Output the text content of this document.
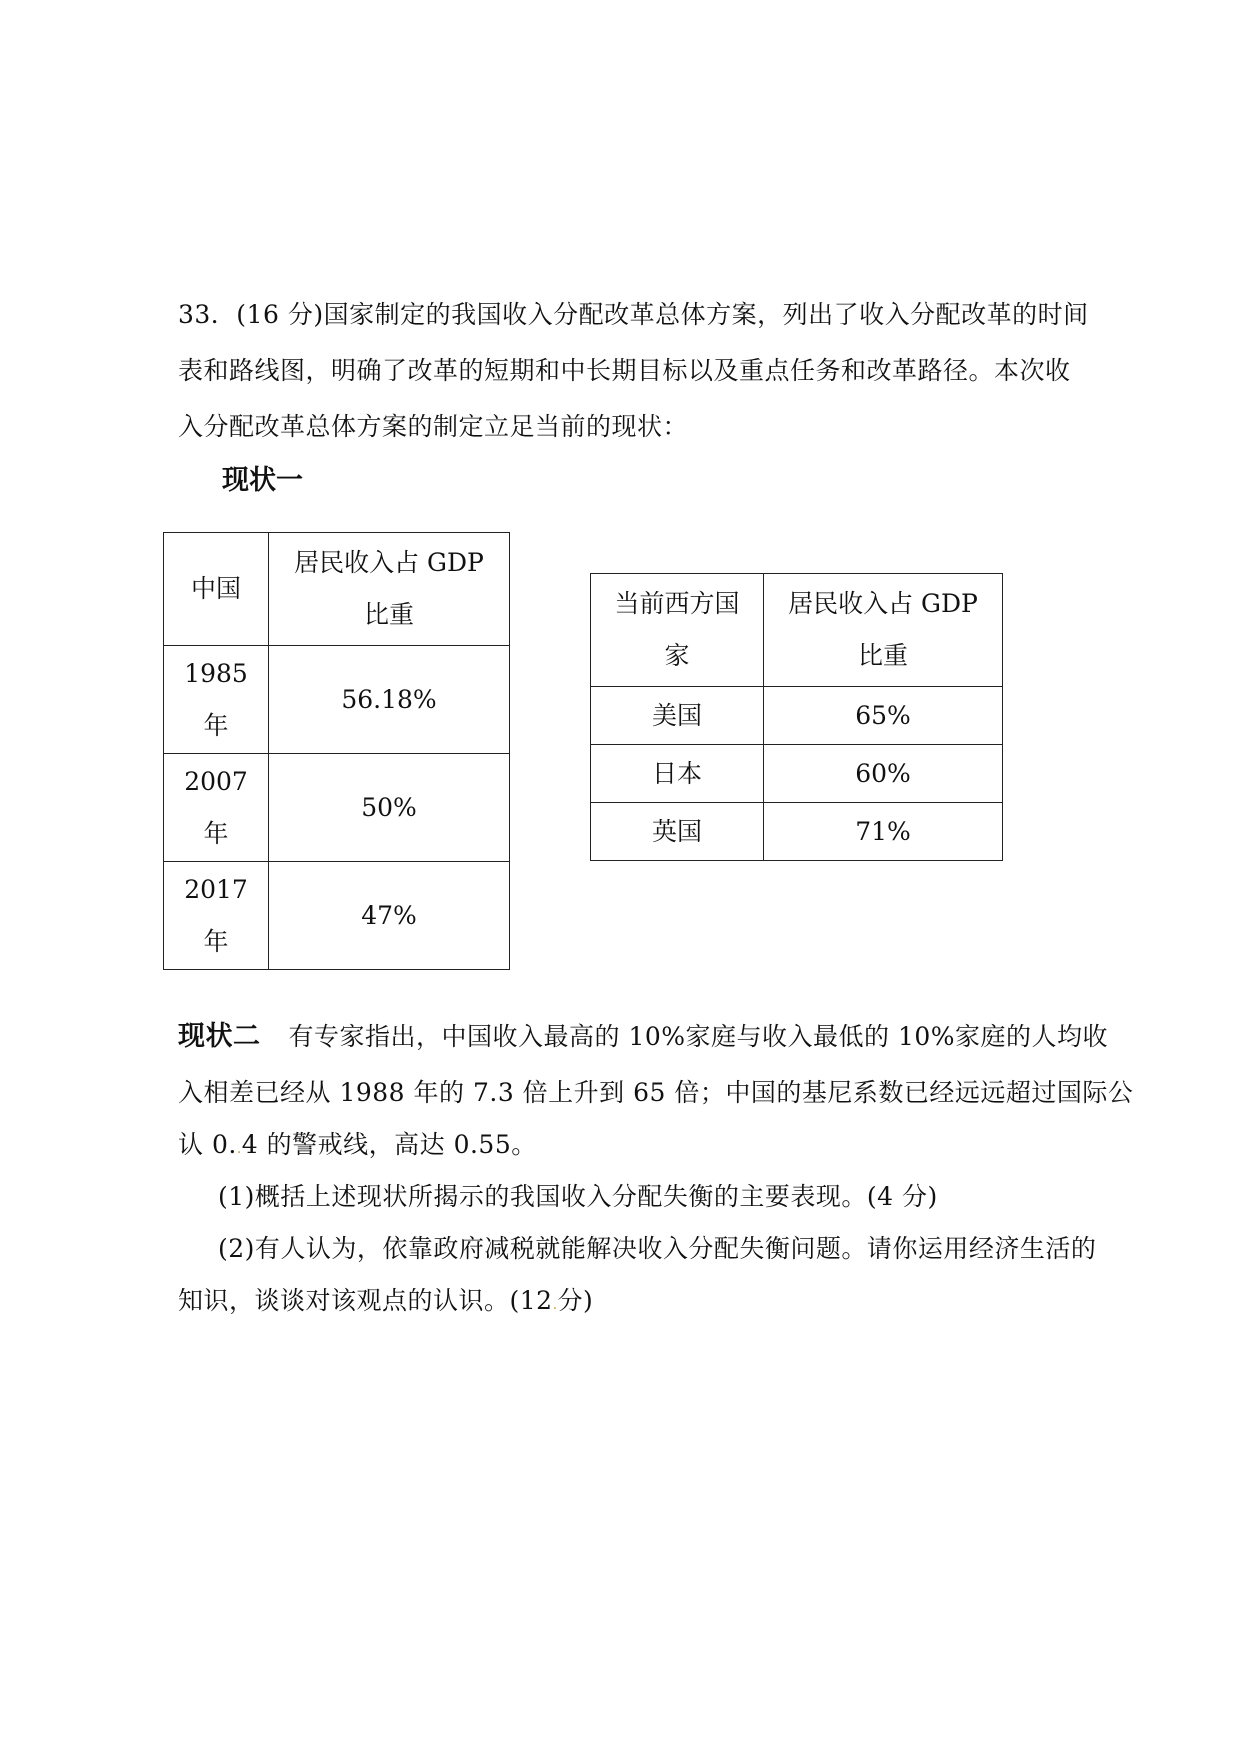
33．(16 分)国家制定的我国收入分配改革总体方案，列出了收入分配改革的时间
表和路线图，明确了改革的短期和中长期目标以及重点任务和改革路径。本次收
入分配改革总体方案的制定立足当前的现状：
现状一
中国	居民收入占 GDP
比重

1985
年	56.18%

2007
年	50%

2017
年	47%
当前西方国
家	居民收入占 GDP
比重

美国	65%
日本	60%
英国	71%
现状二 有专家指出，中国收入最高的 10%家庭与收入最低的 10%家庭的人均收
入相差已经从 1988 年的 7.3 倍上升到 65 倍；中国的基尼系数已经远远超过国际公
认 0..4 的警戒线，高达 0.55。
(1)概括上述现状所揭示的我国收入分配失衡的主要表现。(4 分)
(2)有人认为，依靠政府减税就能解决收入分配失衡问题。请你运用经济生活的
知识，谈谈对该观点的认识。(12.分)
